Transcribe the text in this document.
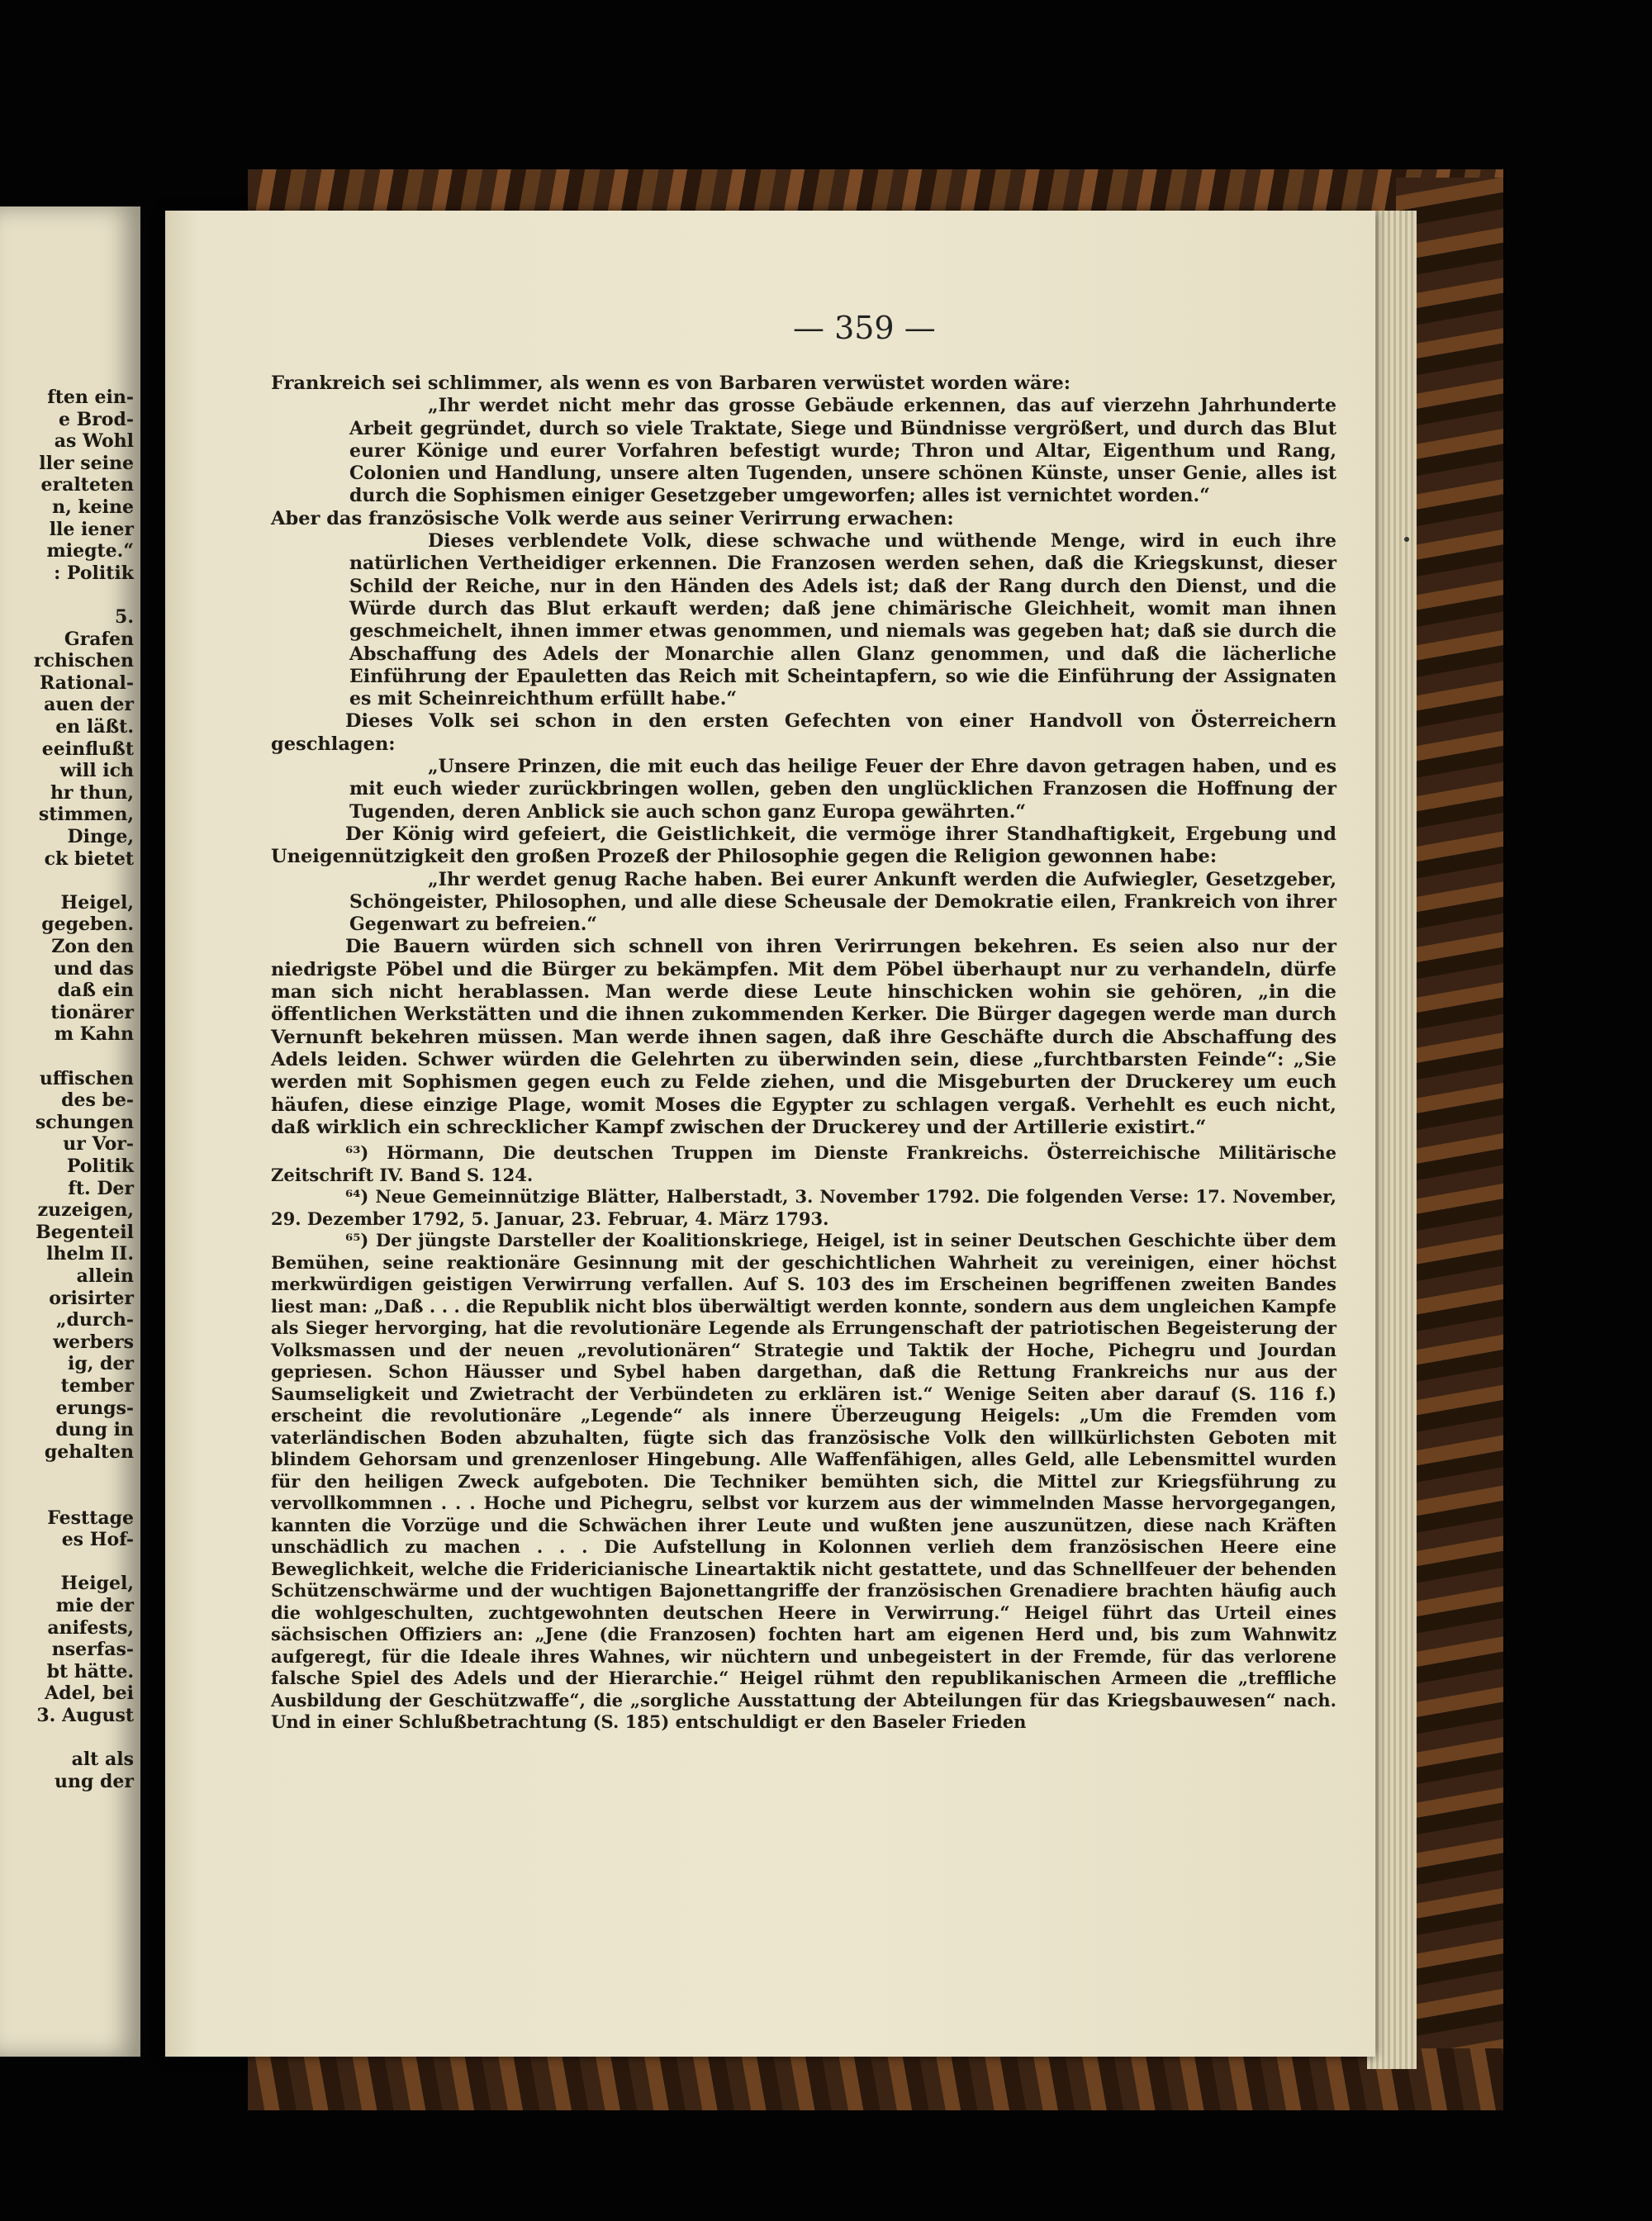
ften ein-
e Brod-
as Wohl
ller seine
eralteten
n, keine
lle iener
miegte.“
: Politik
5.
Grafen
rchischen
Rational-
auen der
en läßt.
eeinflußt
will ich
hr thun,
stimmen,
Dinge,
ck bietet
Heigel,
gegeben.
Zon den
und das
daß ein
tionärer
m Kahn
uffischen
des be-
schungen
ur Vor-
Politik
ft. Der
zuzeigen,
Begenteil
lhelm II.
allein
orisirter
„durch-
werbers
ig, der
tember
erungs-
dung in
gehalten
Festtage
es Hof-
Heigel,
mie der
anifests,
nserfas-
bt hätte.
Adel, bei
3. August
alt als
ung der
— 359 —

Frankreich sei schlimmer, als wenn es von Barbaren verwüstet worden wäre:

„Ihr werdet nicht mehr das grosse Gebäude erkennen, das auf vierzehn Jahrhunderte Arbeit gegründet, durch so viele Traktate, Siege und Bündnisse vergrößert, und durch das Blut eurer Könige und eurer Vorfahren befestigt wurde; Thron und Altar, Eigenthum und Rang, Colonien und Handlung, unsere alten Tugenden, unsere schönen Künste, unser Genie, alles ist durch die Sophismen einiger Gesetzgeber umgeworfen; alles ist vernichtet worden.“

Aber das französische Volk werde aus seiner Verirrung erwachen:

Dieses verblendete Volk, diese schwache und wüthende Menge, wird in euch ihre natürlichen Vertheidiger erkennen. Die Franzosen werden sehen, daß die Kriegskunst, dieser Schild der Reiche, nur in den Händen des Adels ist; daß der Rang durch den Dienst, und die Würde durch das Blut erkauft werden; daß jene chimärische Gleichheit, womit man ihnen geschmeichelt, ihnen immer etwas genommen, und niemals was gegeben hat; daß sie durch die Abschaffung des Adels der Monarchie allen Glanz genommen, und daß die lächerliche Einführung der Epauletten das Reich mit Scheintapfern, so wie die Einführung der Assignaten es mit Scheinreichthum erfüllt habe.“

Dieses Volk sei schon in den ersten Gefechten von einer Handvoll von Österreichern geschlagen:

„Unsere Prinzen, die mit euch das heilige Feuer der Ehre davon getragen haben, und es mit euch wieder zurückbringen wollen, geben den unglücklichen Franzosen die Hoffnung der Tugenden, deren Anblick sie auch schon ganz Europa gewährten.“

Der König wird gefeiert, die Geistlichkeit, die vermöge ihrer Standhaftigkeit, Ergebung und Uneigennützigkeit den großen Prozeß der Philosophie gegen die Religion gewonnen habe:

„Ihr werdet genug Rache haben. Bei eurer Ankunft werden die Aufwiegler, Gesetzgeber, Schöngeister, Philosophen, und alle diese Scheusale der Demokratie eilen, Frankreich von ihrer Gegenwart zu befreien.“

Die Bauern würden sich schnell von ihren Verirrungen bekehren. Es seien also nur der niedrigste Pöbel und die Bürger zu bekämpfen. Mit dem Pöbel überhaupt nur zu verhandeln, dürfe man sich nicht herablassen. Man werde diese Leute hinschicken wohin sie gehören, „in die öffentlichen Werkstätten und die ihnen zukommenden Kerker. Die Bürger dagegen werde man durch Vernunft bekehren müssen. Man werde ihnen sagen, daß ihre Geschäfte durch die Abschaffung des Adels leiden. Schwer würden die Gelehrten zu überwinden sein, diese „furchtbarsten Feinde“: „Sie werden mit Sophismen gegen euch zu Felde ziehen, und die Misgeburten der Druckerey um euch häufen, diese einzige Plage, womit Moses die Egypter zu schlagen vergaß. Verhehlt es euch nicht, daß wirklich ein schrecklicher Kampf zwischen der Druckerey und der Artillerie existirt.“

⁶³) Hörmann, Die deutschen Truppen im Dienste Frankreichs. Österreichische Militärische Zeitschrift IV. Band S. 124.

⁶⁴) Neue Gemeinnützige Blätter, Halberstadt, 3. November 1792. Die folgenden Verse: 17. November, 29. Dezember 1792, 5. Januar, 23. Februar, 4. März 1793.

⁶⁵) Der jüngste Darsteller der Koalitionskriege, Heigel, ist in seiner Deutschen Geschichte über dem Bemühen, seine reaktionäre Gesinnung mit der geschichtlichen Wahrheit zu vereinigen, einer höchst merkwürdigen geistigen Verwirrung verfallen. Auf S. 103 des im Erscheinen begriffenen zweiten Bandes liest man: „Daß . . . die Republik nicht blos überwältigt werden konnte, sondern aus dem ungleichen Kampfe als Sieger hervorging, hat die revolutionäre Legende als Errungenschaft der patriotischen Begeisterung der Volksmassen und der neuen „revolutionären“ Strategie und Taktik der Hoche, Pichegru und Jourdan gepriesen. Schon Häusser und Sybel haben dargethan, daß die Rettung Frankreichs nur aus der Saumseligkeit und Zwietracht der Verbündeten zu erklären ist.“ Wenige Seiten aber darauf (S. 116 f.) erscheint die revolutionäre „Legende“ als innere Überzeugung Heigels: „Um die Fremden vom vaterländischen Boden abzuhalten, fügte sich das französische Volk den willkürlichsten Geboten mit blindem Gehorsam und grenzenloser Hingebung. Alle Waffenfähigen, alles Geld, alle Lebensmittel wurden für den heiligen Zweck aufgeboten. Die Techniker bemühten sich, die Mittel zur Kriegsführung zu vervollkommnen . . . Hoche und Pichegru, selbst vor kurzem aus der wimmelnden Masse hervorgegangen, kannten die Vorzüge und die Schwächen ihrer Leute und wußten jene auszunützen, diese nach Kräften unschädlich zu machen . . . Die Aufstellung in Kolonnen verlieh dem französischen Heere eine Beweglichkeit, welche die Fridericianische Lineartaktik nicht gestattete, und das Schnellfeuer der behenden Schützenschwärme und der wuchtigen Bajonettangriffe der französischen Grenadiere brachten häufig auch die wohlgeschulten, zuchtgewohnten deutschen Heere in Verwirrung.“ Heigel führt das Urteil eines sächsischen Offiziers an: „Jene (die Franzosen) fochten hart am eigenen Herd und, bis zum Wahnwitz aufgeregt, für die Ideale ihres Wahnes, wir nüchtern und unbegeistert in der Fremde, für das verlorene falsche Spiel des Adels und der Hierarchie.“ Heigel rühmt den republikanischen Armeen die „treffliche Ausbildung der Geschützwaffe“, die „sorgliche Ausstattung der Abteilungen für das Kriegsbauwesen“ nach. Und in einer Schlußbetrachtung (S. 185) entschuldigt er den Baseler Frieden
